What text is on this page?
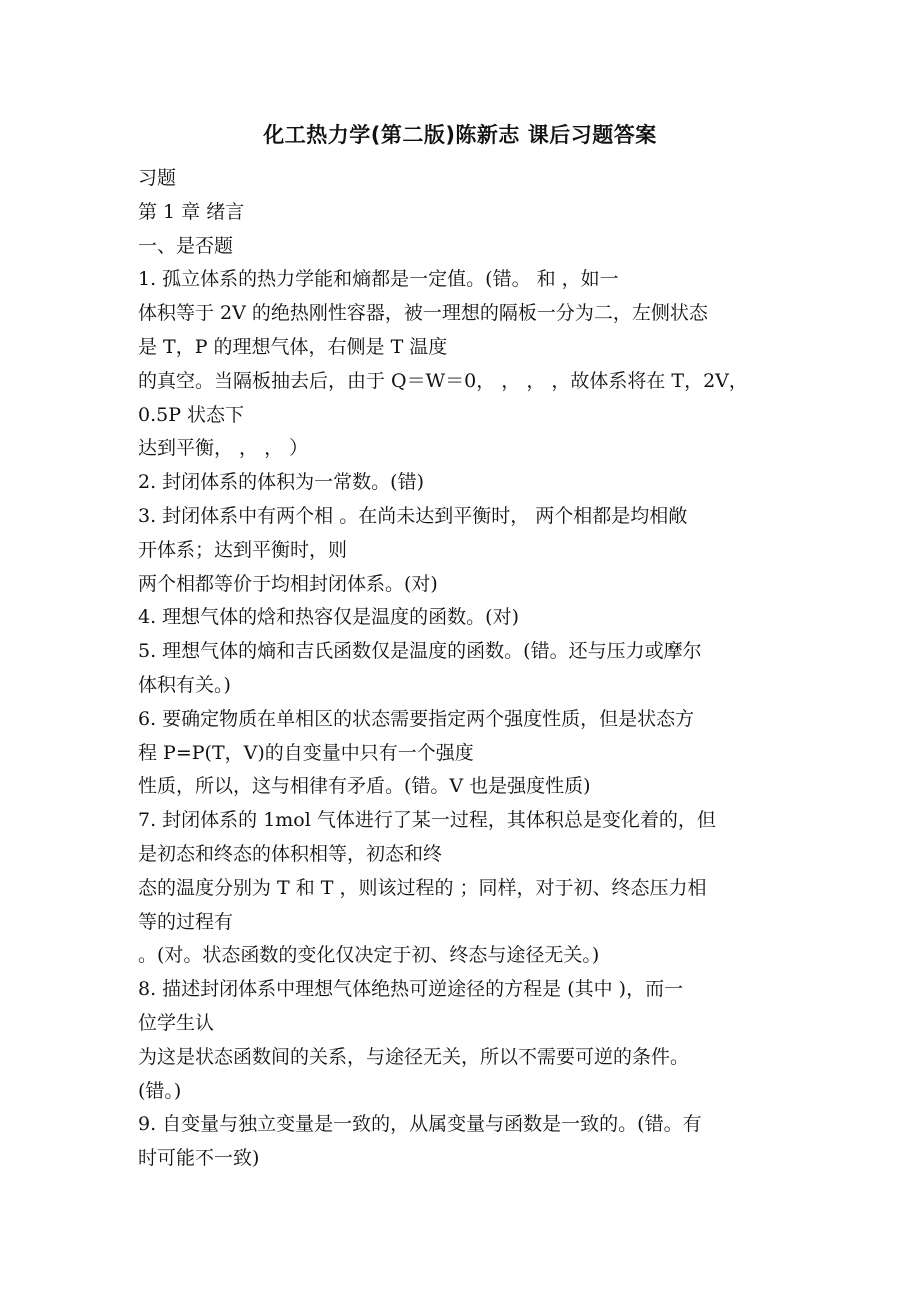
化工热力学(第二版)陈新志 课后习题答案
习题
第 1 章 绪言
一、是否题
1. 孤立体系的热力学能和熵都是一定值。(错。 和 ，如一
体积等于 2V 的绝热刚性容器，被一理想的隔板一分为二，左侧状态
是 T，P 的理想气体，右侧是 T 温度
的真空。当隔板抽去后，由于 Q＝W＝0， ， ， ，故体系将在 T，2V，
0.5P 状态下
达到平衡， ， ， ）
2. 封闭体系的体积为一常数。(错)
3. 封闭体系中有两个相 。在尚未达到平衡时， 两个相都是均相敞
开体系；达到平衡时，则
两个相都等价于均相封闭体系。(对)
4. 理想气体的焓和热容仅是温度的函数。(对)
5. 理想气体的熵和吉氏函数仅是温度的函数。(错。还与压力或摩尔
体积有关。)
6. 要确定物质在单相区的状态需要指定两个强度性质，但是状态方
程 P=P(T，V)的自变量中只有一个强度
性质，所以，这与相律有矛盾。(错。V 也是强度性质)
7. 封闭体系的 1mol 气体进行了某一过程，其体积总是变化着的，但
是初态和终态的体积相等，初态和终
态的温度分别为 T 和 T ，则该过程的 ；同样，对于初、终态压力相
等的过程有
。(对。状态函数的变化仅决定于初、终态与途径无关。)
8. 描述封闭体系中理想气体绝热可逆途径的方程是 (其中 )，而一
位学生认
为这是状态函数间的关系，与途径无关，所以不需要可逆的条件。
(错。)
9. 自变量与独立变量是一致的，从属变量与函数是一致的。(错。有
时可能不一致)
